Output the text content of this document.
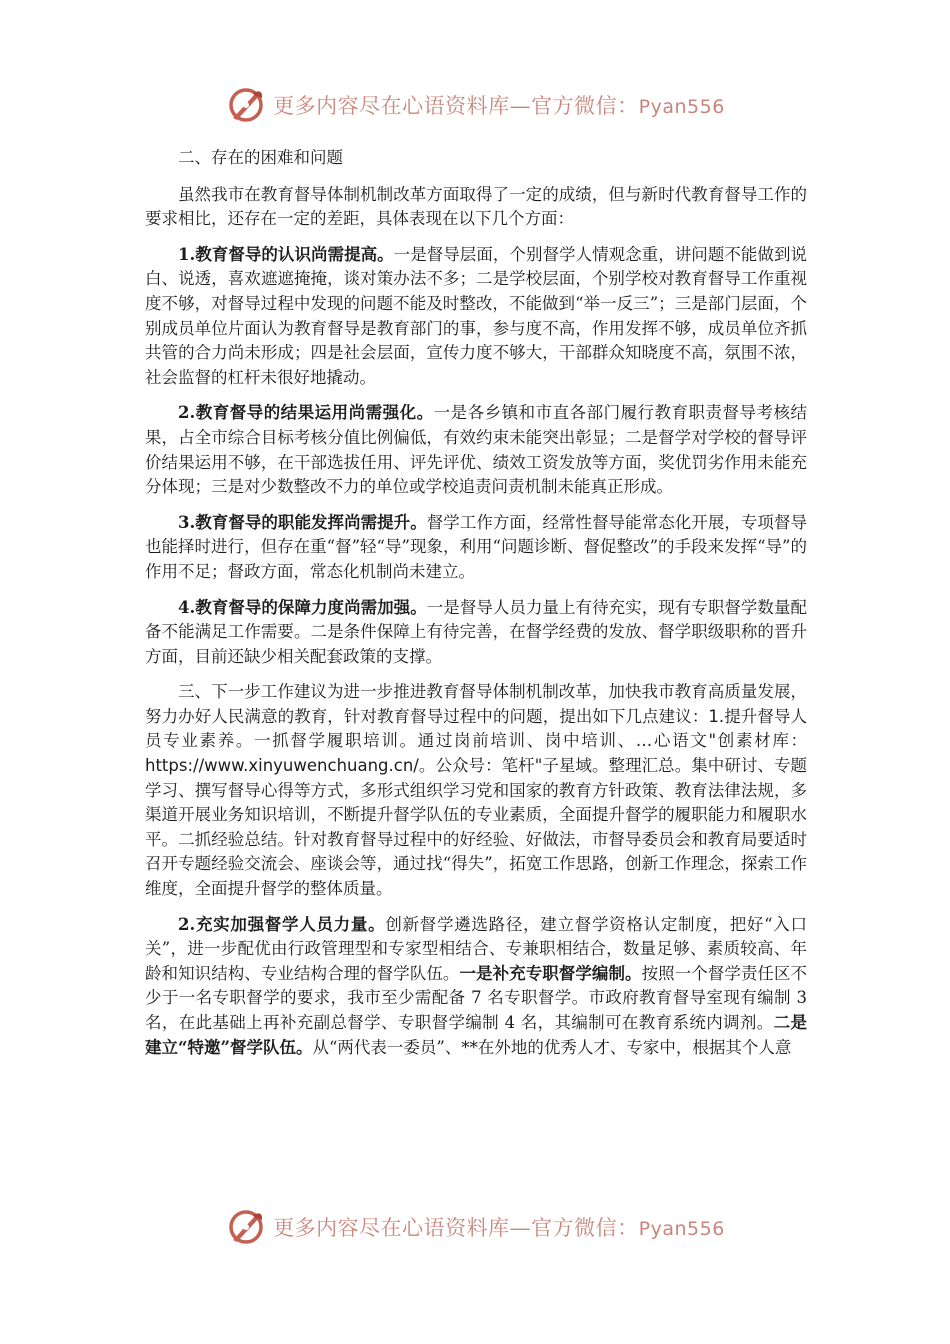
更多内容尽在心语资料库—官方微信：Pyan556

二、存在的困难和问题

虽然我市在教育督导体制机制改革方面取得了一定的成绩，但与新时代教育督导工作的要求相比，还存在一定的差距，具体表现在以下几个方面：

1.教育督导的认识尚需提高。一是督导层面，个别督学人情观念重，讲问题不能做到说白、说透，喜欢遮遮掩掩，谈对策办法不多；二是学校层面，个别学校对教育督导工作重视度不够，对督导过程中发现的问题不能及时整改，不能做到“举一反三”；三是部门层面，个别成员单位片面认为教育督导是教育部门的事，参与度不高，作用发挥不够，成员单位齐抓共管的合力尚未形成；四是社会层面，宣传力度不够大，干部群众知晓度不高，氛围不浓，社会监督的杠杆未很好地撬动。

2.教育督导的结果运用尚需强化。一是各乡镇和市直各部门履行教育职责督导考核结果，占全市综合目标考核分值比例偏低，有效约束未能突出彰显；二是督学对学校的督导评价结果运用不够，在干部选拔任用、评先评优、绩效工资发放等方面，奖优罚劣作用未能充分体现；三是对少数整改不力的单位或学校追责问责机制未能真正形成。

3.教育督导的职能发挥尚需提升。督学工作方面，经常性督导能常态化开展，专项督导也能择时进行，但存在重“督”轻“导”现象，利用“问题诊断、督促整改”的手段来发挥“导”的作用不足；督政方面，常态化机制尚未建立。

4.教育督导的保障力度尚需加强。一是督导人员力量上有待充实，现有专职督学数量配备不能满足工作需要。二是条件保障上有待完善，在督学经费的发放、督学职级职称的晋升方面，目前还缺少相关配套政策的支撑。

三、下一步工作建议为进一步推进教育督导体制机制改革，加快我市教育高质量发展，努力办好人民满意的教育，针对教育督导过程中的问题，提出如下几点建议：1.提升督导人员专业素养。一抓督学履职培训。通过岗前培训、岗中培训、…心语文"创素材库：https://www.xinyuwenchuang.cn/。公众号：笔杆"子星域。整理汇总。集中研讨、专题学习、撰写督导心得等方式，多形式组织学习党和国家的教育方针政策、教育法律法规，多渠道开展业务知识培训，不断提升督学队伍的专业素质，全面提升督学的履职能力和履职水平。二抓经验总结。针对教育督导过程中的好经验、好做法，市督导委员会和教育局要适时召开专题经验交流会、座谈会等，通过找“得失”，拓宽工作思路，创新工作理念，探索工作维度，全面提升督学的整体质量。

2.充实加强督学人员力量。创新督学遴选路径，建立督学资格认定制度，把好“入口关”，进一步配优由行政管理型和专家型相结合、专兼职相结合，数量足够、素质较高、年龄和知识结构、专业结构合理的督学队伍。一是补充专职督学编制。按照一个督学责任区不少于一名专职督学的要求，我市至少需配备 7 名专职督学。市政府教育督导室现有编制 3 名，在此基础上再补充副总督学、专职督学编制 4 名，其编制可在教育系统内调剂。二是建立“特邀”督学队伍。从“两代表一委员”、**在外地的优秀人才、专家中，根据其个人意

更多内容尽在心语资料库—官方微信：Pyan556
